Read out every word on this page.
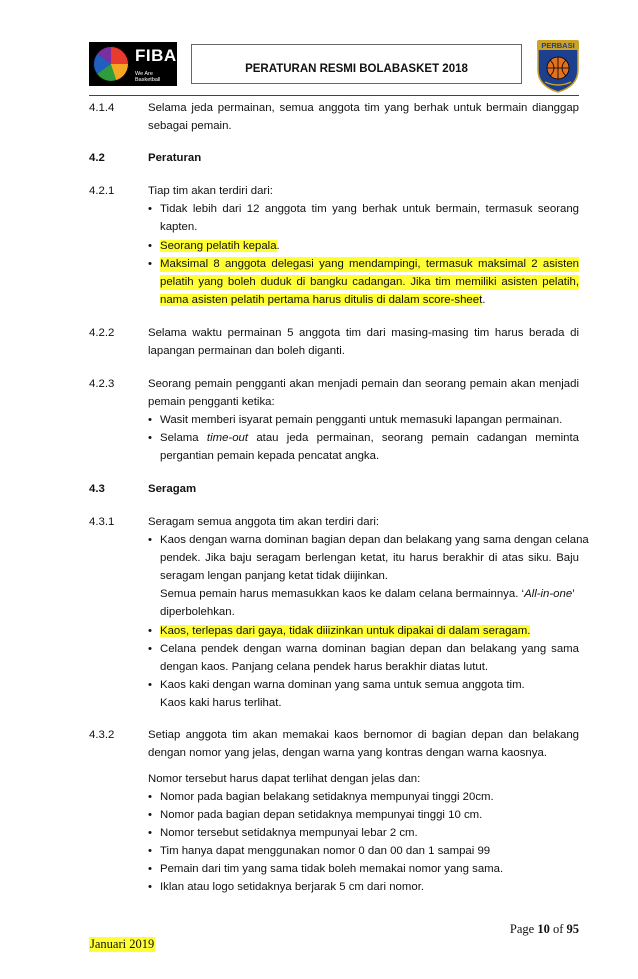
FIBA
We Are Basketball
PERATURAN RESMI BOLABASKET 2018
PERBASI
4.1.4	Selama jeda permainan, semua anggota tim yang berhak untuk bermain dianggap
sebagai pemain.
4.2	Peraturan
4.2.1	Tiap tim akan terdiri dari:
• Tidak lebih dari 12 anggota tim yang berhak untuk bermain, termasuk seorang
kapten.
• Seorang pelatih kepala.
• Maksimal 8 anggota delegasi yang mendampingi, termasuk maksimal 2 asisten
pelatih yang boleh duduk di bangku cadangan. Jika tim memiliki asisten pelatih,
nama asisten pelatih pertama harus ditulis di dalam score-sheet.
4.2.2	Selama waktu permainan 5 anggota tim dari masing-masing tim harus berada di
lapangan permainan dan boleh diganti.
4.2.3	Seorang pemain pengganti akan menjadi pemain dan seorang pemain akan menjadi
pemain pengganti ketika:
• Wasit memberi isyarat pemain pengganti untuk memasuki lapangan permainan.
• Selama time-out atau jeda permainan, seorang pemain cadangan meminta
pergantian pemain kepada pencatat angka.
4.3	Seragam
4.3.1	Seragam semua anggota tim akan terdiri dari:
• Kaos dengan warna dominan bagian depan dan belakang yang sama dengan celana
pendek. Jika baju seragam berlengan ketat, itu harus berakhir di atas siku. Baju
seragam lengan panjang ketat tidak diijinkan.
Semua pemain harus memasukkan kaos ke dalam celana bermainnya. ‘All-in-one’
diperbolehkan.
• Kaos, terlepas dari gaya, tidak diiizinkan untuk dipakai di dalam seragam.
• Celana pendek dengan warna dominan bagian depan dan belakang yang sama
dengan kaos. Panjang celana pendek harus berakhir diatas lutut.
• Kaos kaki dengan warna dominan yang sama untuk semua anggota tim.
Kaos kaki harus terlihat.
4.3.2	Setiap anggota tim akan memakai kaos bernomor di bagian depan dan belakang
dengan nomor yang jelas, dengan warna yang kontras dengan warna kaosnya.
Nomor tersebut harus dapat terlihat dengan jelas dan:
• Nomor pada bagian belakang setidaknya mempunyai tinggi 20cm.
• Nomor pada bagian depan setidaknya mempunyai tinggi 10 cm.
• Nomor tersebut setidaknya mempunyai lebar 2 cm.
• Tim hanya dapat menggunakan nomor 0 dan 00 dan 1 sampai 99
• Pemain dari tim yang sama tidak boleh memakai nomor yang sama.
• Iklan atau logo setidaknya berjarak 5 cm dari nomor.
Page 10 of 95
Januari 2019
